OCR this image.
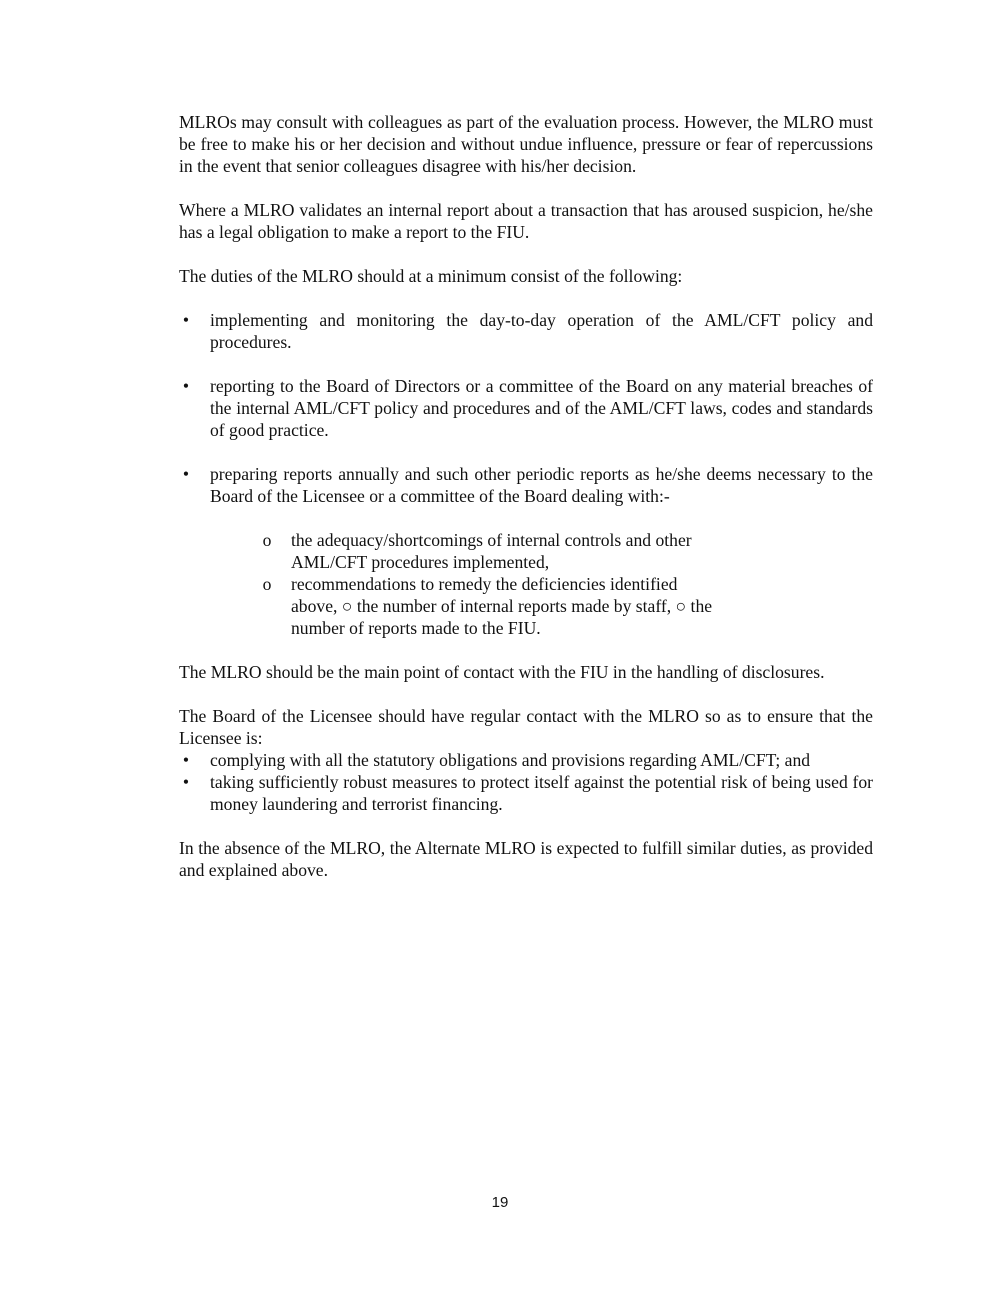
MLROs may consult with colleagues as part of the evaluation process. However, the MLRO must be free to make his or her decision and without undue influence, pressure or fear of repercussions in the event that senior colleagues disagree with his/her decision.

Where a MLRO validates an internal report about a transaction that has aroused suspicion, he/she has a legal obligation to make a report to the FIU.

The duties of the MLRO should at a minimum consist of the following:

• implementing and monitoring the day-to-day operation of the AML/CFT policy and procedures.
• reporting to the Board of Directors or a committee of the Board on any material breaches of the internal AML/CFT policy and procedures and of the AML/CFT laws, codes and standards of good practice.
• preparing reports annually and such other periodic reports as he/she deems necessary to the Board of the Licensee or a committee of the Board dealing with:-
o the adequacy/shortcomings of internal controls and other
AML/CFT procedures implemented,
o recommendations to remedy the deficiencies identified
above, ○ the number of internal reports made by staff, ○ the
number of reports made to the FIU.

The MLRO should be the main point of contact with the FIU in the handling of disclosures.

The Board of the Licensee should have regular contact with the MLRO so as to ensure that the Licensee is:

• complying with all the statutory obligations and provisions regarding AML/CFT; and
• taking sufficiently robust measures to protect itself against the potential risk of being used for money laundering and terrorist financing.

In the absence of the MLRO, the Alternate MLRO is expected to fulfill similar duties, as provided and explained above.

19
